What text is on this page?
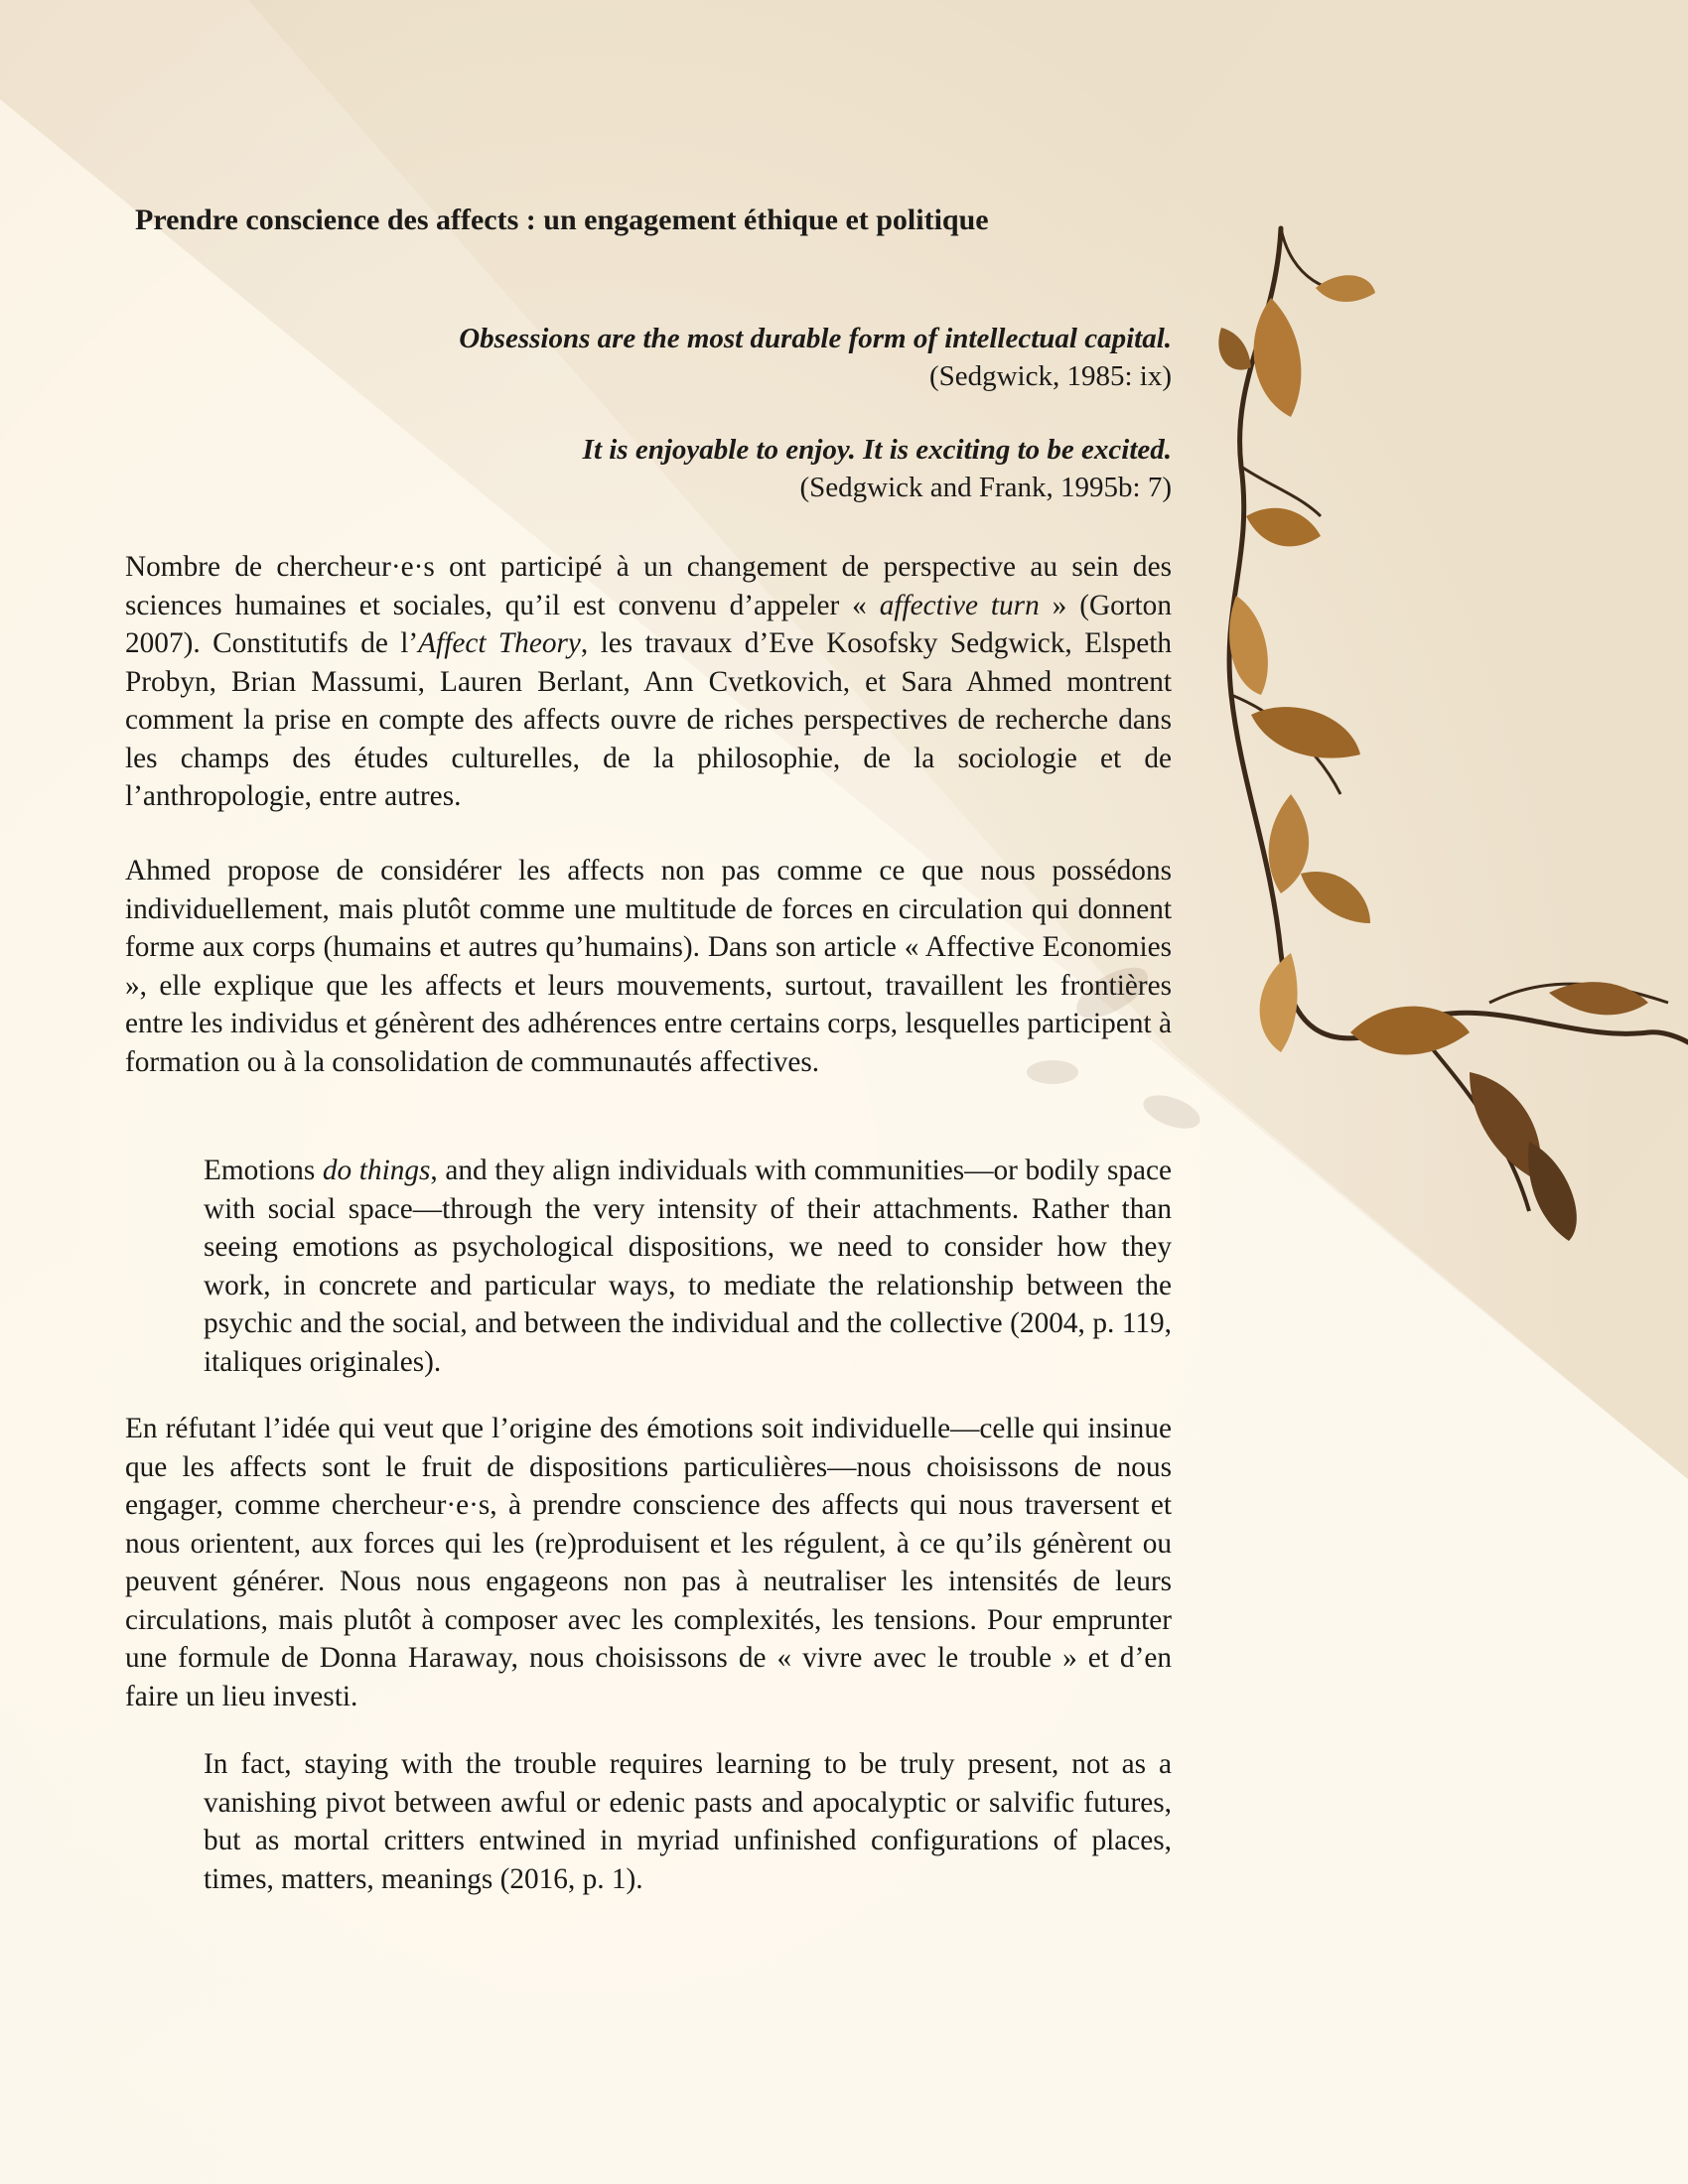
Prendre conscience des affects : un engagement éthique et politique
Obsessions are the most durable form of intellectual capital.
(Sedgwick, 1985: ix)
It is enjoyable to enjoy. It is exciting to be excited.
(Sedgwick and Frank, 1995b: 7)

Nombre de chercheur·e·s ont participé à un changement de perspective au sein des sciences humaines et sociales, qu’il est convenu d’appeler « affective turn » (Gorton 2007). Constitutifs de l’Affect Theory, les travaux d’Eve Kosofsky Sedgwick, Elspeth Probyn, Brian Massumi, Lauren Berlant, Ann Cvetkovich, et Sara Ahmed montrent comment la prise en compte des affects ouvre de riches perspectives de recherche dans les champs des études culturelles, de la philosophie, de la sociologie et de l’anthropologie, entre autres.

Ahmed propose de considérer les affects non pas comme ce que nous possédons individuellement, mais plutôt comme une multitude de forces en circulation qui donnent forme aux corps (humains et autres qu’humains). Dans son article « Affective Economies », elle explique que les affects et leurs mouvements, surtout, travaillent les frontières entre les individus et génèrent des adhérences entre certains corps, lesquelles participent à formation ou à la consolidation de communautés affectives.

Emotions do things, and they align individuals with communities—or bodily space with social space—through the very intensity of their attachments. Rather than seeing emotions as psychological dispositions, we need to consider how they work, in concrete and particular ways, to mediate the relationship between the psychic and the social, and between the individual and the collective (2004, p. 119, italiques originales).

En réfutant l’idée qui veut que l’origine des émotions soit individuelle—celle qui insinue que les affects sont le fruit de dispositions particulières—nous choisissons de nous engager, comme chercheur·e·s, à prendre conscience des affects qui nous traversent et nous orientent, aux forces qui les (re)produisent et les régulent, à ce qu’ils génèrent ou peuvent générer. Nous nous engageons non pas à neutraliser les intensités de leurs circulations, mais plutôt à composer avec les complexités, les tensions. Pour emprunter une formule de Donna Haraway, nous choisissons de « vivre avec le trouble » et d’en faire un lieu investi.

In fact, staying with the trouble requires learning to be truly present, not as a vanishing pivot between awful or edenic pasts and apocalyptic or salvific futures, but as mortal critters entwined in myriad unfinished configurations of places, times, matters, meanings (2016, p. 1).
